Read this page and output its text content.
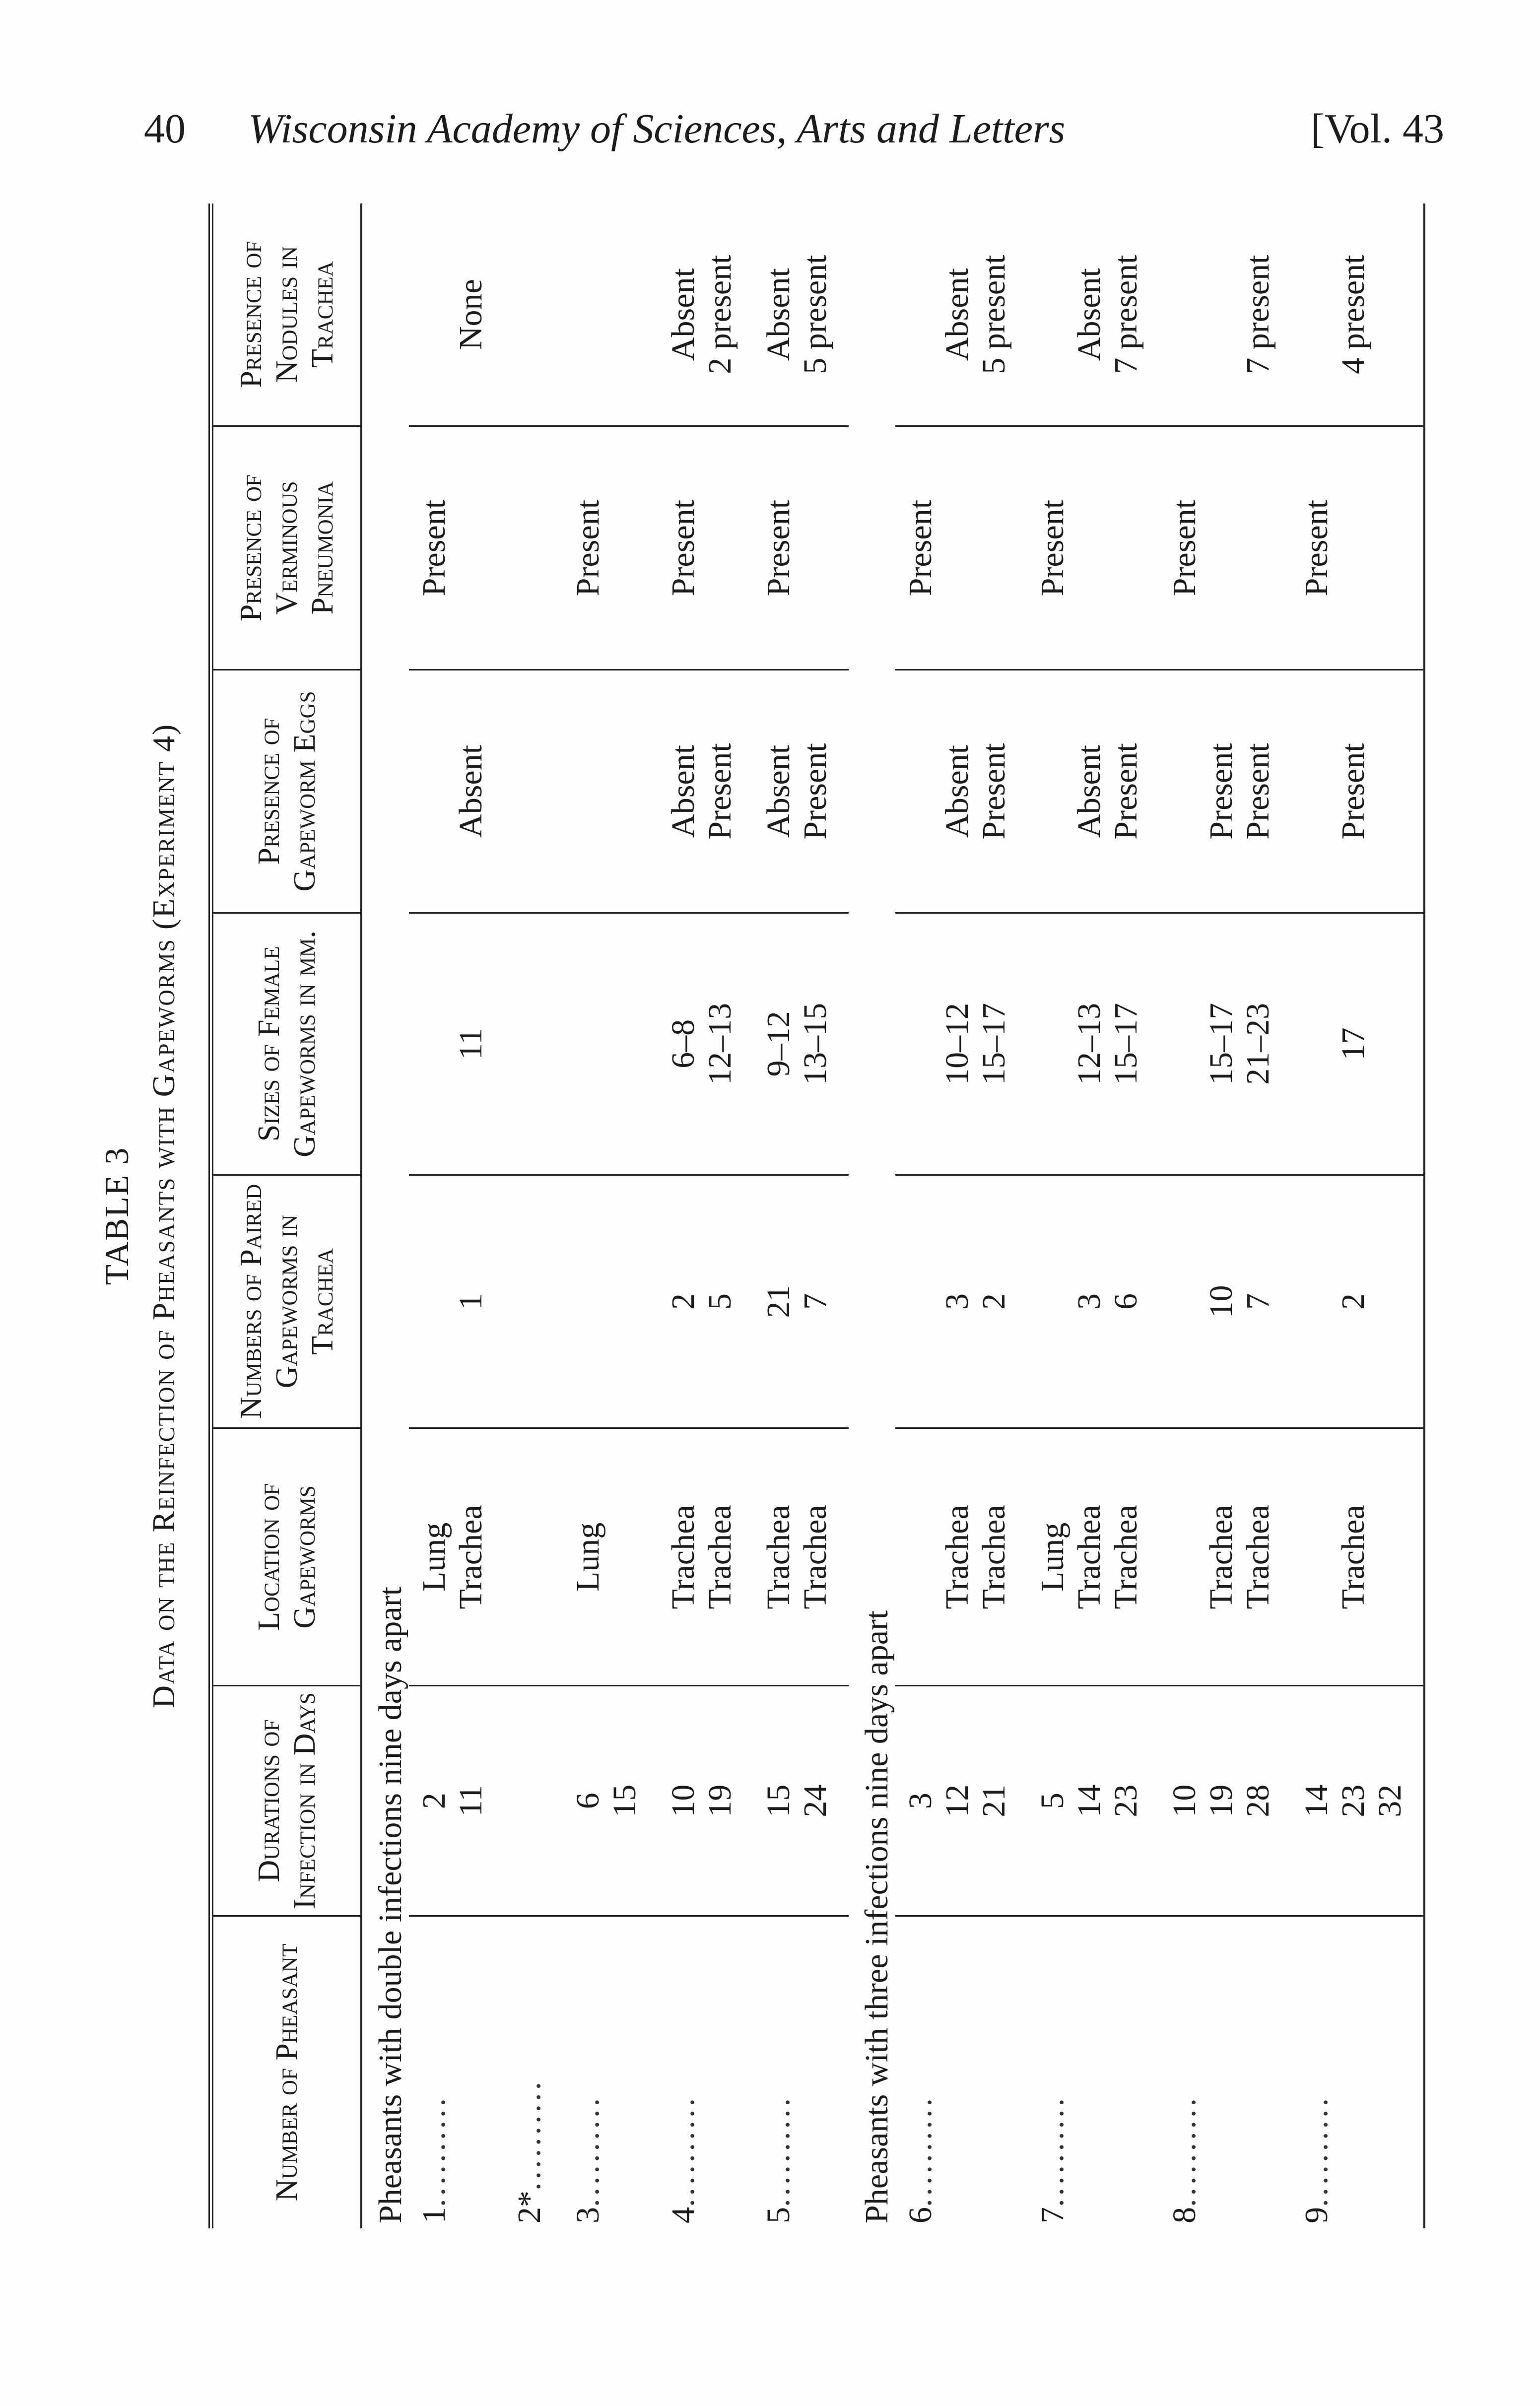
40 Wisconsin Academy of Sciences, Arts and Letters	[Vol. 43
TABLE 3 Data on the Reinfection of Pheasants with Gapeworms (Experiment 4)
Number of Pheasant	Durations of Infection in Days	Location of Gapeworms	Numbers of Paired Gapeworms in Trachea	Sizes of Female Gapeworms in mm.	Presence of Gapeworm Eggs	Presence of Verminous Pneumonia	Presence of Nodules in Trachea
Pheasants with double infections nine days apart							
1..........	2 11	Lung Trachea	1	11	Absent	Present	None

2*..........							
3..........	6 15	Lung				Present	

4..........	10 19	Trachea Trachea	2 5	6–8 12–13	Absent Present	Present	Absent 2 present

5..........	15 24	Trachea Trachea	21 7	9–12 13–15	Absent Present	Present	Absent 5 present

Pheasants with three infections nine days apart							
6..........	3 12 21	Trachea Trachea	3 2	10–12 15–17	Absent Present	Present	Absent 5 present

7..........	5 14 23	Lung Trachea Trachea	3 6	12–13 15–17	Absent Present	Present	Absent 7 present

8..........	10 19 28	Trachea Trachea	10 7	15–17 21–23	Present Present	Present	7 present

9..........	14 23 32	Trachea	2	17	Present	Present	4 present
